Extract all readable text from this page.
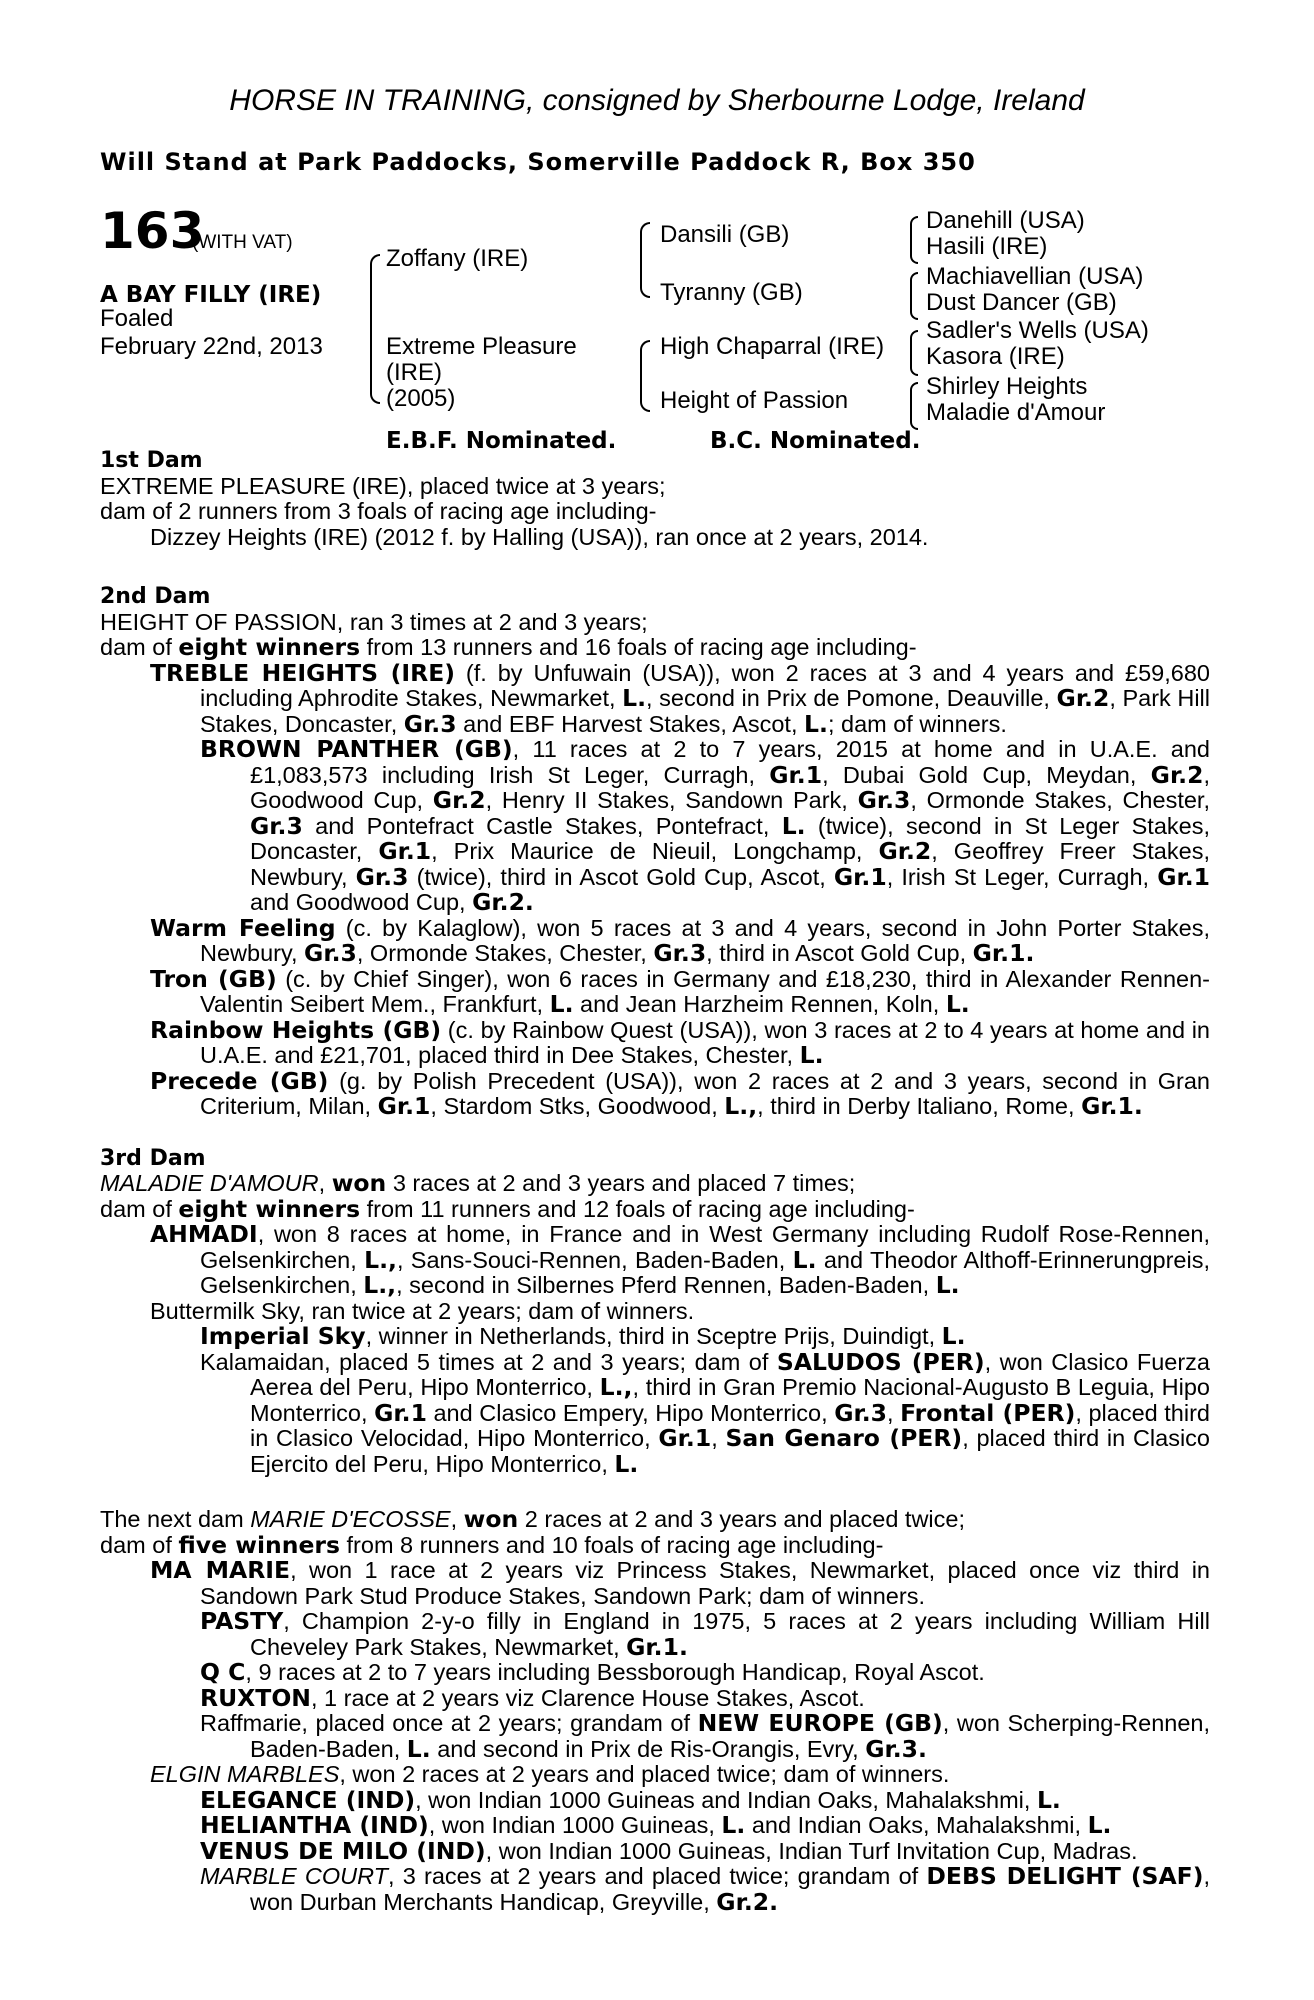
HORSE IN TRAINING, consigned by Sherbourne Lodge, Ireland
Will Stand at Park Paddocks, Somerville Paddock R, Box 350
163
(WITH VAT)
A BAY FILLY (IRE)
Foaled
February 22nd, 2013
Zoffany (IRE)
Extreme Pleasure
(IRE)
(2005)
Dansili (GB)
Tyranny (GB)
High Chaparral (IRE)
Height of Passion
Danehill (USA)
Hasili (IRE)
Machiavellian (USA)
Dust Dancer (GB)
Sadler's Wells (USA)
Kasora (IRE)
Shirley Heights
Maladie d'Amour
E.B.F. Nominated.	B.C. Nominated.
1st Dam
EXTREME PLEASURE (IRE), placed twice at 3 years;
dam of 2 runners from 3 foals of racing age including-
Dizzey Heights (IRE) (2012 f. by Halling (USA)), ran once at 2 years, 2014.
2nd Dam
HEIGHT OF PASSION, ran 3 times at 2 and 3 years;
dam of eight winners from 13 runners and 16 foals of racing age including-
TREBLE HEIGHTS (IRE) (f. by Unfuwain (USA)), won 2 races at 3 and 4 years and £59,680 including Aphrodite Stakes, Newmarket, L., second in Prix de Pomone, Deauville, Gr.2, Park Hill Stakes, Doncaster, Gr.3 and EBF Harvest Stakes, Ascot, L.; dam of winners.
BROWN PANTHER (GB), 11 races at 2 to 7 years, 2015 at home and in U.A.E. and £1,083,573 including Irish St Leger, Curragh, Gr.1, Dubai Gold Cup, Meydan, Gr.2, Goodwood Cup, Gr.2, Henry II Stakes, Sandown Park, Gr.3, Ormonde Stakes, Chester, Gr.3 and Pontefract Castle Stakes, Pontefract, L. (twice), second in St Leger Stakes, Doncaster, Gr.1, Prix Maurice de Nieuil, Longchamp, Gr.2, Geoffrey Freer Stakes, Newbury, Gr.3 (twice), third in Ascot Gold Cup, Ascot, Gr.1, Irish St Leger, Curragh, Gr.1 and Goodwood Cup, Gr.2.
Warm Feeling (c. by Kalaglow), won 5 races at 3 and 4 years, second in John Porter Stakes, Newbury, Gr.3, Ormonde Stakes, Chester, Gr.3, third in Ascot Gold Cup, Gr.1.
Tron (GB) (c. by Chief Singer), won 6 races in Germany and £18,230, third in Alexander Rennen-Valentin Seibert Mem., Frankfurt, L. and Jean Harzheim Rennen, Koln, L.
Rainbow Heights (GB) (c. by Rainbow Quest (USA)), won 3 races at 2 to 4 years at home and in U.A.E. and £21,701, placed third in Dee Stakes, Chester, L.
Precede (GB) (g. by Polish Precedent (USA)), won 2 races at 2 and 3 years, second in Gran Criterium, Milan, Gr.1, Stardom Stks, Goodwood, L.,, third in Derby Italiano, Rome, Gr.1.
3rd Dam
MALADIE D'AMOUR, won 3 races at 2 and 3 years and placed 7 times;
dam of eight winners from 11 runners and 12 foals of racing age including-
AHMADI, won 8 races at home, in France and in West Germany including Rudolf Rose-Rennen, Gelsenkirchen, L.,, Sans-Souci-Rennen, Baden-Baden, L. and Theodor Althoff-Erinnerungpreis, Gelsenkirchen, L.,, second in Silbernes Pferd Rennen, Baden-Baden, L.
Buttermilk Sky, ran twice at 2 years; dam of winners.
Imperial Sky, winner in Netherlands, third in Sceptre Prijs, Duindigt, L.
Kalamaidan, placed 5 times at 2 and 3 years; dam of SALUDOS (PER), won Clasico Fuerza Aerea del Peru, Hipo Monterrico, L.,, third in Gran Premio Nacional-Augusto B Leguia, Hipo Monterrico, Gr.1 and Clasico Empery, Hipo Monterrico, Gr.3, Frontal (PER), placed third in Clasico Velocidad, Hipo Monterrico, Gr.1, San Genaro (PER), placed third in Clasico Ejercito del Peru, Hipo Monterrico, L.
The next dam MARIE D'ECOSSE, won 2 races at 2 and 3 years and placed twice;
dam of five winners from 8 runners and 10 foals of racing age including-
MA MARIE, won 1 race at 2 years viz Princess Stakes, Newmarket, placed once viz third in Sandown Park Stud Produce Stakes, Sandown Park; dam of winners.
PASTY, Champion 2-y-o filly in England in 1975, 5 races at 2 years including William Hill Cheveley Park Stakes, Newmarket, Gr.1.
Q C, 9 races at 2 to 7 years including Bessborough Handicap, Royal Ascot.
RUXTON, 1 race at 2 years viz Clarence House Stakes, Ascot.
Raffmarie, placed once at 2 years; grandam of NEW EUROPE (GB), won Scherping-Rennen, Baden-Baden, L. and second in Prix de Ris-Orangis, Evry, Gr.3.
ELGIN MARBLES, won 2 races at 2 years and placed twice; dam of winners.
ELEGANCE (IND), won Indian 1000 Guineas and Indian Oaks, Mahalakshmi, L.
HELIANTHA (IND), won Indian 1000 Guineas, L. and Indian Oaks, Mahalakshmi, L.
VENUS DE MILO (IND), won Indian 1000 Guineas, Indian Turf Invitation Cup, Madras.
MARBLE COURT, 3 races at 2 years and placed twice; grandam of DEBS DELIGHT (SAF), won Durban Merchants Handicap, Greyville, Gr.2.
